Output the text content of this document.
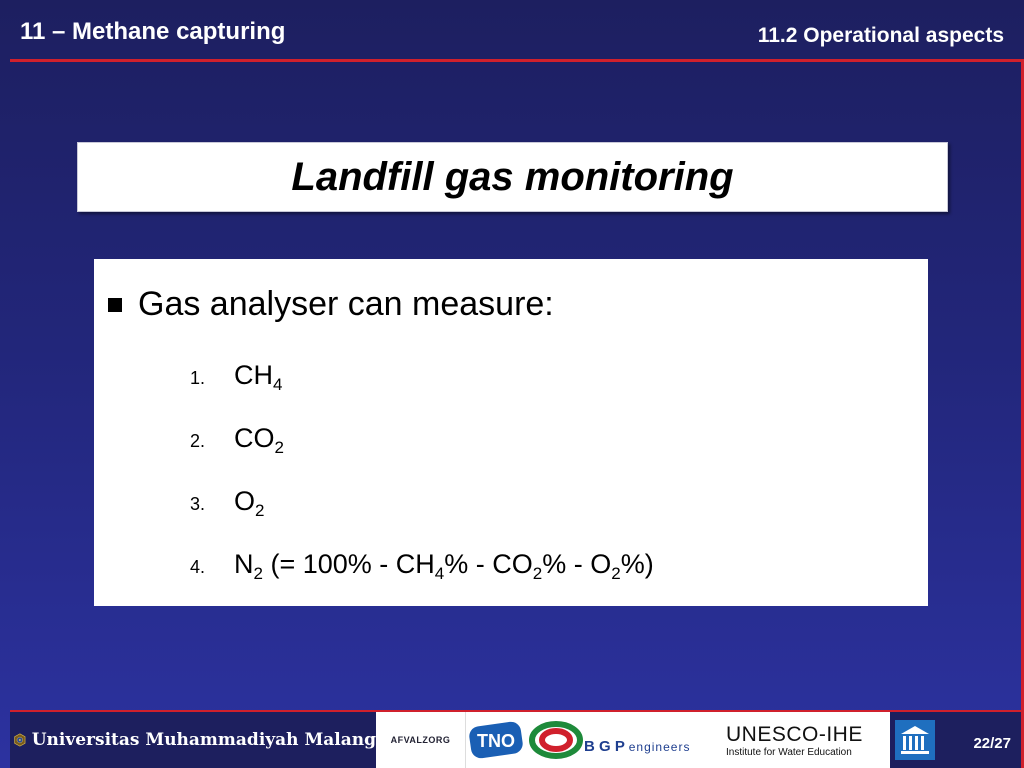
11 – Methane capturing	11.2 Operational aspects
Landfill gas monitoring
Gas analyser can measure:
1.	$CH_4$
2.	$CO_2$
3.	$O_2$
4.	$N_2$ (= $100\% - CH_4\% - CO_2\% - O_2\%$)
Universitas Muhammadiyah Malang	AFVALZORG	TNO	B G P engineers
UNESCO-IHE
Institute for Water Education	22/27
